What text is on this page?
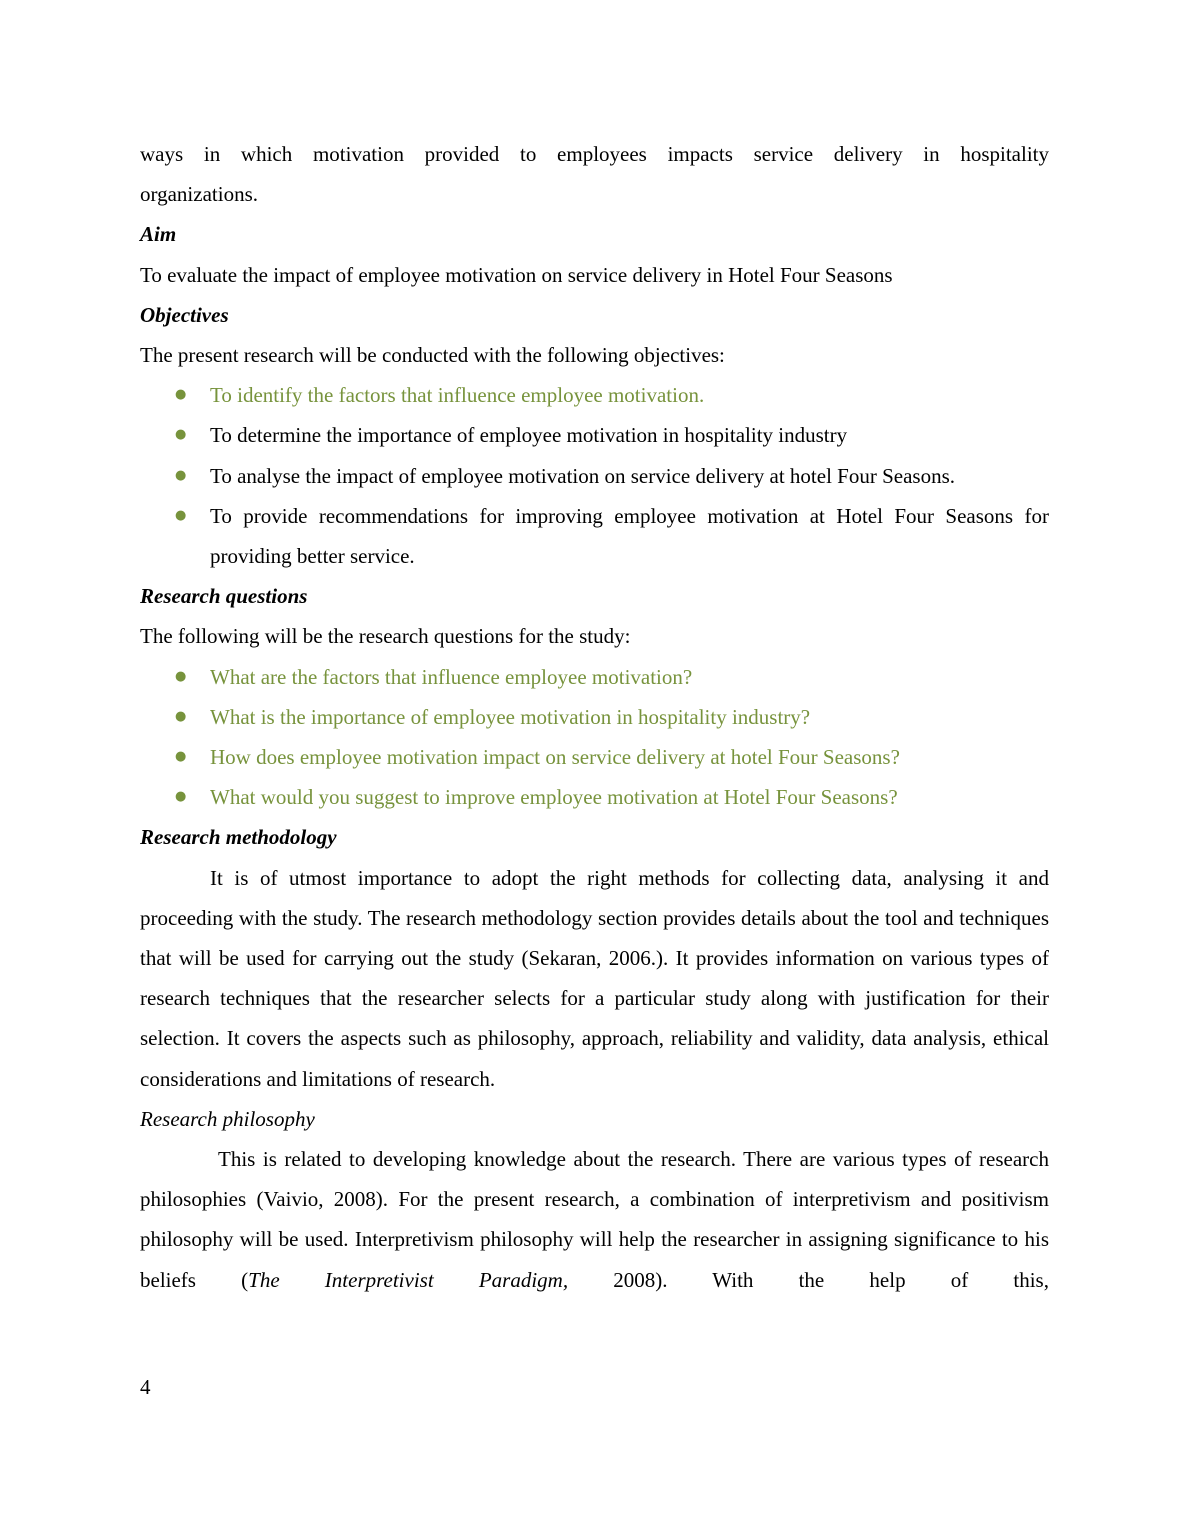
ways in which motivation provided to employees impacts service delivery in hospitality

organizations.

Aim

To evaluate the impact of employee motivation on service delivery in Hotel Four Seasons

Objectives

The present research will be conducted with the following objectives:

● To identify the factors that influence employee motivation.
● To determine the importance of employee motivation in hospitality industry
● To analyse the impact of employee motivation on service delivery at hotel Four Seasons.
● To provide recommendations for improving employee motivation at Hotel Four Seasons for providing better service.

Research questions

The following will be the research questions for the study:

● What are the factors that influence employee motivation?
● What is the importance of employee motivation in hospitality industry?
● How does employee motivation impact on service delivery at hotel Four Seasons?
● What would you suggest to improve employee motivation at Hotel Four Seasons?

Research methodology

It is of utmost importance to adopt the right methods for collecting data, analysing it and proceeding with the study. The research methodology section provides details about the tool and techniques that will be used for carrying out the study (Sekaran, 2006.). It provides information on various types of research techniques that the researcher selects for a particular study along with justification for their selection. It covers the aspects such as philosophy, approach, reliability and validity, data analysis, ethical considerations and limitations of research.

Research philosophy

This is related to developing knowledge about the research. There are various types of research philosophies (Vaivio, 2008). For the present research, a combination of interpretivism and positivism philosophy will be used. Interpretivism philosophy will help the researcher in assigning significance to his beliefs (The Interpretivist Paradigm, 2008). With the help of this,

4
